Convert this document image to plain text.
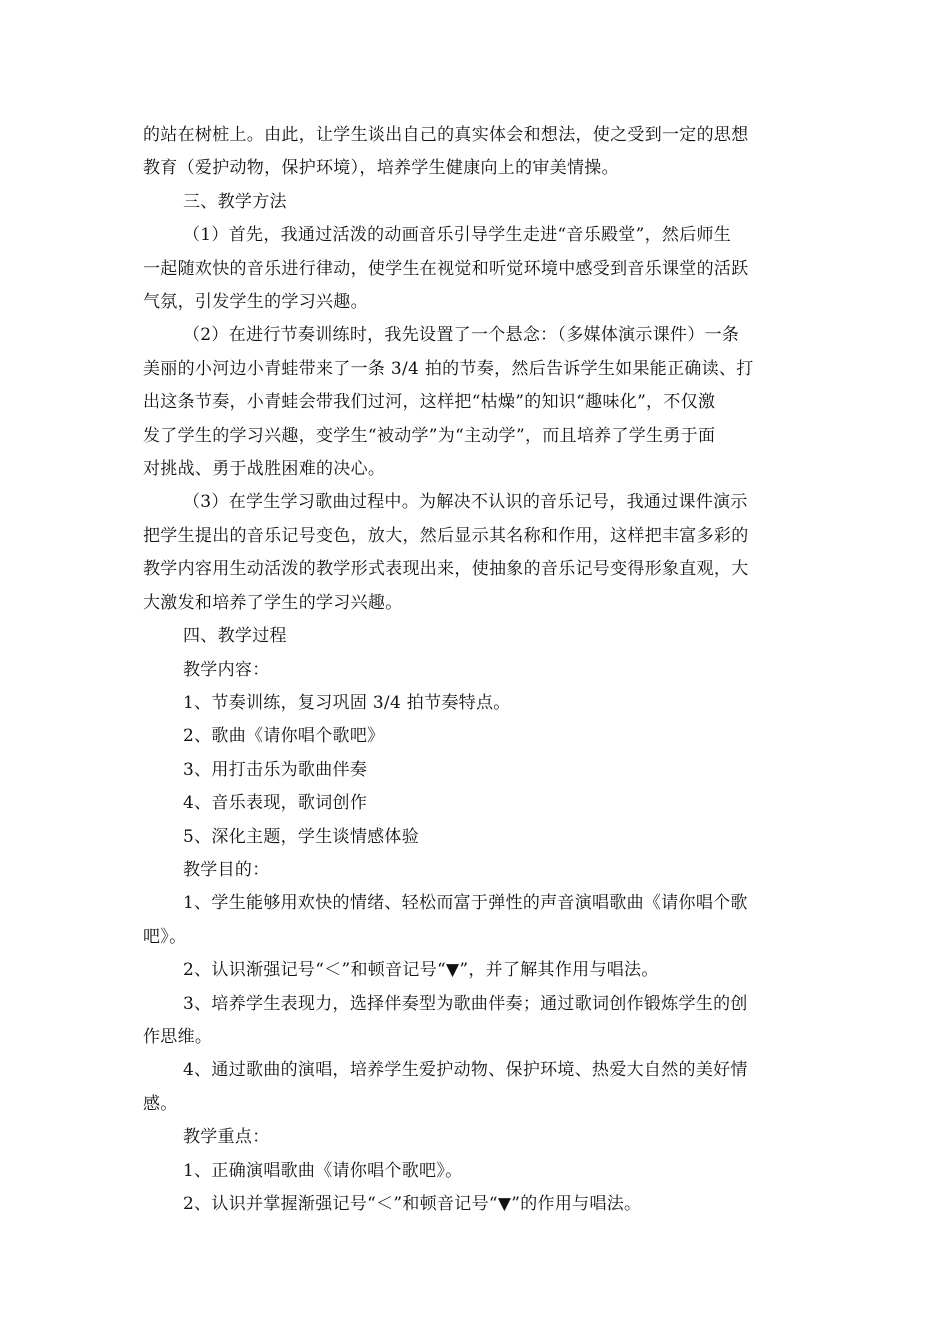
的站在树桩上。由此，让学生谈出自己的真实体会和想法，使之受到一定的思想
教育（爱护动物，保护环境），培养学生健康向上的审美情操。
三、教学方法
（1）首先，我通过活泼的动画音乐引导学生走进“音乐殿堂”，然后师生
一起随欢快的音乐进行律动，使学生在视觉和听觉环境中感受到音乐课堂的活跃
气氛，引发学生的学习兴趣。
（2）在进行节奏训练时，我先设置了一个悬念：（多媒体演示课件）一条
美丽的小河边小青蛙带来了一条 3/4 拍的节奏，然后告诉学生如果能正确读、打
出这条节奏，小青蛙会带我们过河，这样把“枯燥”的知识“趣味化”，不仅激
发了学生的学习兴趣，变学生“被动学”为“主动学”，而且培养了学生勇于面
对挑战、勇于战胜困难的决心。
（3）在学生学习歌曲过程中。为解决不认识的音乐记号，我通过课件演示
把学生提出的音乐记号变色，放大，然后显示其名称和作用，这样把丰富多彩的
教学内容用生动活泼的教学形式表现出来，使抽象的音乐记号变得形象直观，大
大激发和培养了学生的学习兴趣。
四、教学过程
教学内容：
1、节奏训练，复习巩固 3/4 拍节奏特点。
2、歌曲《请你唱个歌吧》
3、用打击乐为歌曲伴奏
4、音乐表现，歌词创作
5、深化主题，学生谈情感体验
教学目的：
1、学生能够用欢快的情绪、轻松而富于弹性的声音演唱歌曲《请你唱个歌
吧》。
2、认识渐强记号“＜”和顿音记号“▼”，并了解其作用与唱法。
3、培养学生表现力，选择伴奏型为歌曲伴奏；通过歌词创作锻炼学生的创
作思维。
4、通过歌曲的演唱，培养学生爱护动物、保护环境、热爱大自然的美好情
感。
教学重点：
1、正确演唱歌曲《请你唱个歌吧》。
2、认识并掌握渐强记号“＜”和顿音记号“▼”的作用与唱法。
